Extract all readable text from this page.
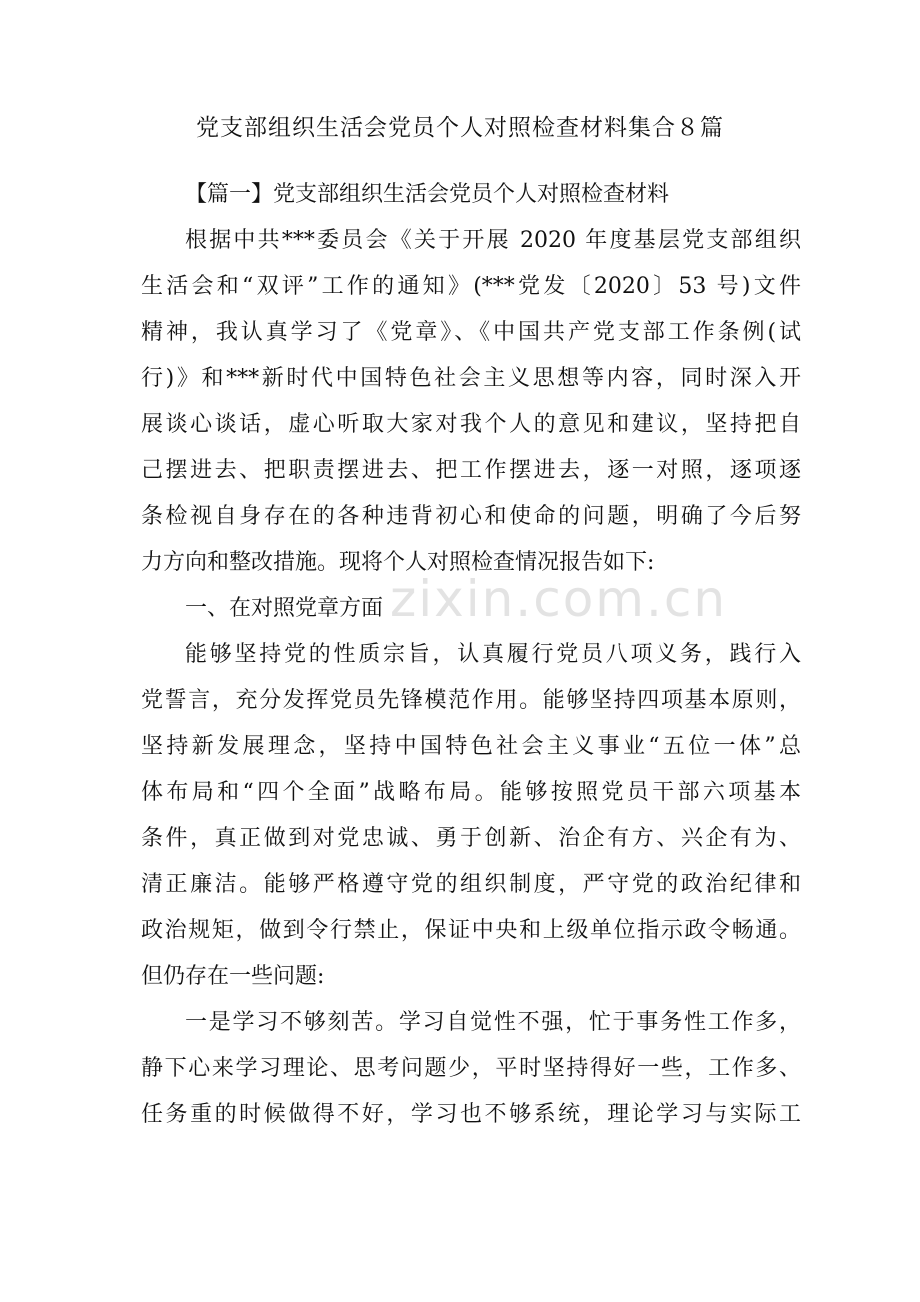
zixin.com.cn
党支部组织生活会党员个人对照检查材料集合８篇
【篇一】党支部组织生活会党员个人对照检查材料
根据中共***委员会《关于开展 2020 年度基层党支部组织
生活会和“双评”工作的通知》(***党发〔2020〕53 号)文件
精神，我认真学习了《党章》、《中国共产党支部工作条例(试
行)》和***新时代中国特色社会主义思想等内容，同时深入开
展谈心谈话，虚心听取大家对我个人的意见和建议，坚持把自
己摆进去、把职责摆进去、把工作摆进去，逐一对照，逐项逐
条检视自身存在的各种违背初心和使命的问题，明确了今后努
力方向和整改措施。现将个人对照检查情况报告如下:
一、在对照党章方面
能够坚持党的性质宗旨，认真履行党员八项义务，践行入
党誓言，充分发挥党员先锋模范作用。能够坚持四项基本原则，
坚持新发展理念，坚持中国特色社会主义事业“五位一体”总
体布局和“四个全面”战略布局。能够按照党员干部六项基本
条件，真正做到对党忠诚、勇于创新、治企有方、兴企有为、
清正廉洁。能够严格遵守党的组织制度，严守党的政治纪律和
政治规矩，做到令行禁止，保证中央和上级单位指示政令畅通。
但仍存在一些问题:
一是学习不够刻苦。学习自觉性不强，忙于事务性工作多，
静下心来学习理论、思考问题少，平时坚持得好一些，工作多、
任务重的时候做得不好，学习也不够系统，理论学习与实际工
